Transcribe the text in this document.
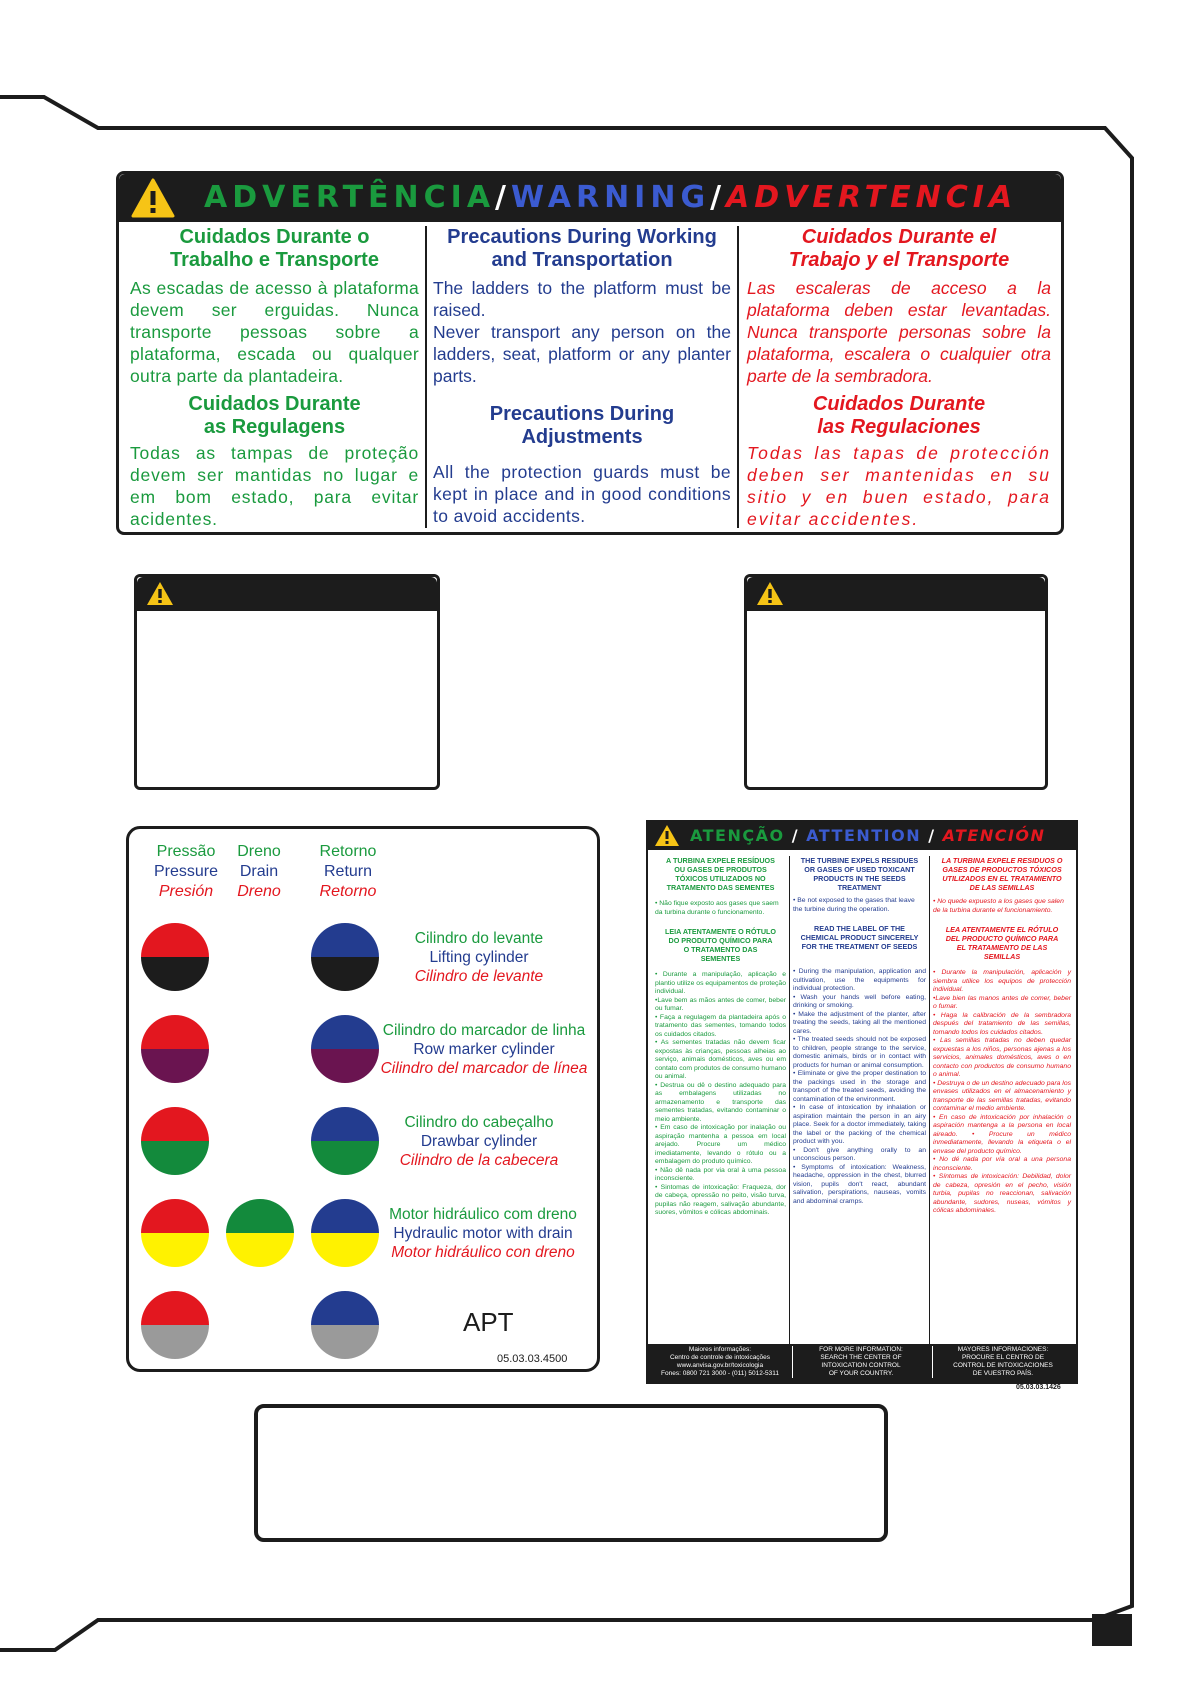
ADVERTÊNCIA/WARNING/ADVERTENCIA

Cuidados Durante o
Trabalho e Transporte

As escadas de acesso à plataforma devem ser erguidas. Nunca transporte pessoas sobre a plataforma, escada ou qualquer outra parte da plantadeira.

Cuidados Durante
as Regulagens

Todas as tampas de proteção devem ser mantidas no lugar e em bom estado, para evitar acidentes.

Precautions During Working
and Transportation

The ladders to the platform must be raised.
Never transport any person on the ladders, seat, platform or any planter parts.

Precautions During
Adjustments

All the protection guards must be kept in place and in good conditions to avoid accidents.

Cuidados Durante el
Trabajo y el Transporte

Las escaleras de acceso a la plataforma deben estar levantadas. Nunca transporte personas sobre la plataforma, escalera o cualquier otra parte de la sembradora.

Cuidados Durante
las Regulaciones

Todas las tapas de protección deben ser mantenidas en su sitio y en buen estado, para evitar accidentes.

Pressão
Pressure
Presión
Dreno
Drain
Dreno
Retorno
Return
Retorno
Cilindro do levante
Lifting cylinder
Cilindro de levante
Cilindro do marcador de linha
Row marker cylinder
Cilindro del marcador de línea
Cilindro do cabeçalho
Drawbar cylinder
Cilindro de la cabecera
Motor hidráulico com dreno
Hydraulic motor with drain
Motor hidráulico con dreno
APT
05.03.03.4500
ATENÇÃO / ATTENTION / ATENCIÓN

A TURBINA EXPELE RESÍDUOS OU GASES DE PRODUTOS TÓXICOS UTILIZADOS NO TRATAMENTO DAS SEMENTES

• Não fique exposto aos gases que saem da turbina durante o funcionamento.

LEIA ATENTAMENTE O RÓTULO DO PRODUTO QUÍMICO PARA O TRATAMENTO DAS SEMENTES

• Durante a manipulação, aplicação e plantio utilize os equipamentos de proteção individual.
•Lave bem as mãos antes de comer, beber ou fumar.
• Faça a regulagem da plantadeira após o tratamento das sementes, tomando todos os cuidados citados.
• As sementes tratadas não devem ficar expostas às crianças, pessoas alheias ao serviço, animais domésticos, aves ou em contato com produtos de consumo humano ou animal.
• Destrua ou dê o destino adequado para as embalagens utilizadas no armazenamento e transporte das sementes tratadas, evitando contaminar o meio ambiente.
• Em caso de intoxicação por inalação ou aspiração mantenha a pessoa em local arejado. Procure um médico imediatamente, levando o rótulo ou a embalagem do produto químico.
• Não dê nada por via oral à uma pessoa inconsciente.
• Sintomas de intoxicação: Fraqueza, dor de cabeça, opressão no peito, visão turva, pupilas não reagem, salivação abundante, suores, vômitos e cólicas abdominais.

THE TURBINE EXPELS RESIDUES OR GASES OF USED TOXICANT PRODUCTS IN THE SEEDS TREATMENT

• Be not exposed to the gases that leave the turbine during the operation.

READ THE LABEL OF THE CHEMICAL PRODUCT SINCERELY FOR THE TREATMENT OF SEEDS

• During the manipulation, application and cultivation, use the equipments for individual protection.
• Wash your hands well before eating, drinking or smoking.
• Make the adjustment of the planter, after treating the seeds, taking all the mentioned cares.
• The treated seeds should not be exposed to children, people strange to the service, domestic animals, birds or in contact with products for human or animal consumption.
• Eliminate or give the proper destination to the packings used in the storage and transport of the treated seeds, avoiding the contamination of the environment.
• In case of intoxication by inhalation or aspiration maintain the person in an airy place. Seek for a doctor immediately, taking the label or the packing of the chemical product with you.
• Don't give anything orally to an unconscious person.
• Symptoms of intoxication: Weakness, headache, oppression in the chest, blurred vision, pupils don't react, abundant salivation, perspirations, nauseas, vomits and abdominal cramps.

LA TURBINA EXPELE RESIDUOS O GASES DE PRODUCTOS TÓXICOS UTILIZADOS EN EL TRATAMIENTO DE LAS SEMILLAS

• No quede expuesto a los gases que salen de la turbina durante el funcionamiento.

LEA ATENTAMENTE EL RÓTULO DEL PRODUCTO QUÍMICO PARA EL TRATAMIENTO DE LAS SEMILLAS

• Durante la manipulación, aplicación y siembra utilice los equipos de protección individual.
•Lave bien las manos antes de comer, beber o fumar.
• Haga la calibración de la sembradora después del tratamiento de las semillas, tomando todos los cuidados citados.
• Las semillas tratadas no deben quedar expuestas a los niños, personas ajenas a los servicios, animales domésticos, aves o en contacto con productos de consumo humano o animal.
• Destruya o de un destino adecuado para los envases utilizados en el almacenamiento y transporte de las semillas tratadas, evitando contaminar el medio ambiente.
• En caso de intoxicación por inhalación o aspiración mantenga a la persona en local aireado. • Procure un médico inmediatamente, llevando la etiqueta o el envase del producto químico.
• No dé nada por vía oral a una persona inconsciente.
• Síntomas de intoxicación: Debilidad, dolor de cabeza, opresión en el pecho, visión turbia, pupilas no reaccionan, salivación abundante, sudores, nuseas, vómitos y cólicas abdominales.

Maiores informações:
Centro de controle de intoxicações
www.anvisa.gov.br/toxicologia
Fones: 0800 721 3000 - (011) 5012-5311
FOR MORE INFORMATION:
SEARCH THE CENTER OF
INTOXICATION CONTROL
OF YOUR COUNTRY.
MAYORES INFORMACIONES:
PROCURE EL CENTRO DE
CONTROL DE INTOXICACIONES
DE VUESTRO PAÍS.
05.03.03.1426
